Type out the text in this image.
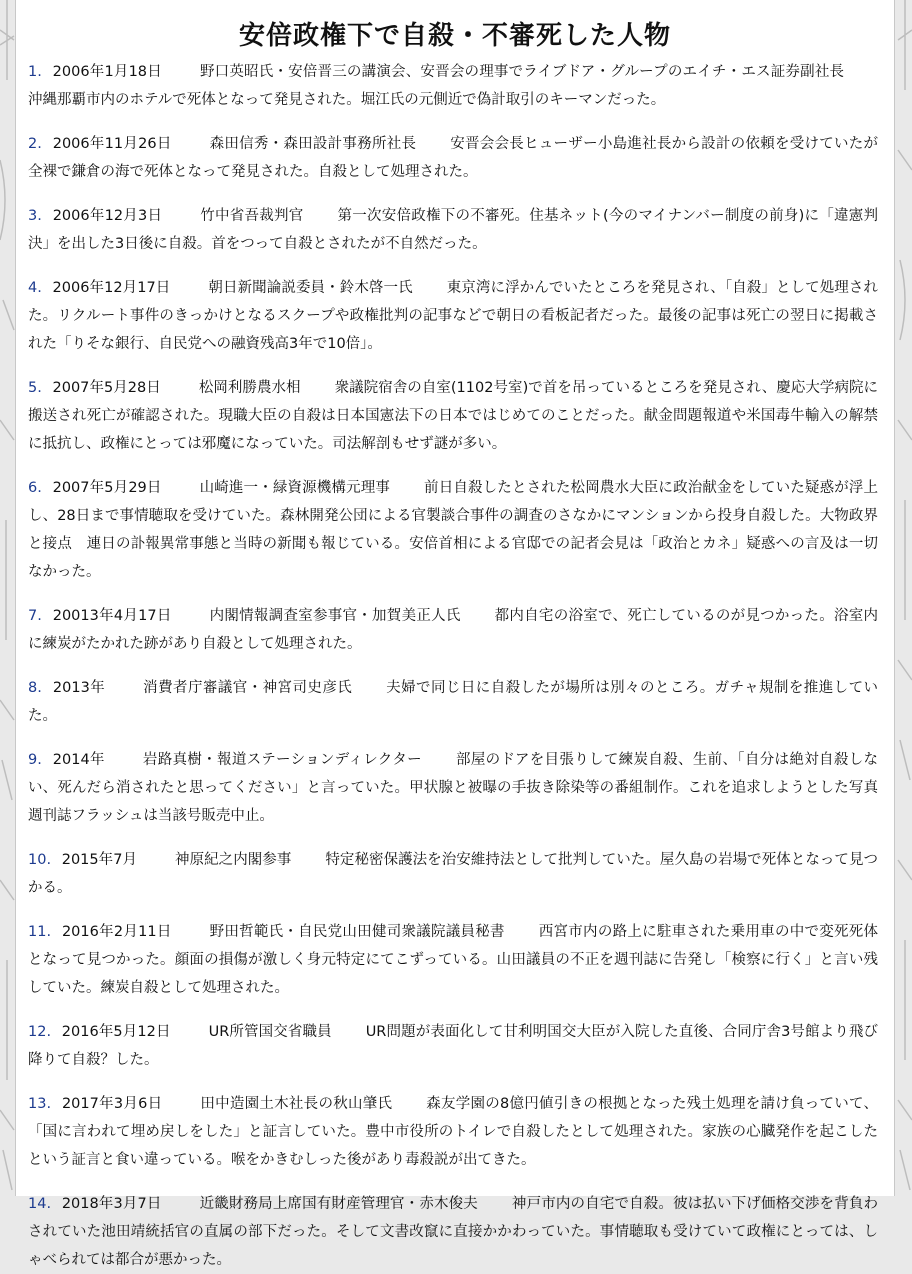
安倍政権下で自殺・不審死した人物
1. 2006年1月18日	野口英昭氏・安倍晋三の講演会、安晋会の理事でライブドア・グループのエイチ・エス証券副社長沖縄那覇市内のホテルで死体となって発見された。堀江氏の元側近で偽計取引のキーマンだった。
2. 2006年11月26日	森田信秀・森田設計事務所社長 安晋会会長ヒューザー小島進社長から設計の依頼を受けていたが全裸で鎌倉の海で死体となって発見された。自殺として処理された。
3. 2006年12月3日	竹中省吾裁判官 第一次安倍政権下の不審死。住基ネット(今のマイナンバー制度の前身)に「違憲判決」を出した3日後に自殺。首をつって自殺とされたが不自然だった。
4. 2006年12月17日	朝日新聞論説委員・鈴木啓一氏 東京湾に浮かんでいたところを発見され、「自殺」として処理された。リクルート事件のきっかけとなるスクープや政権批判の記事などで朝日の看板記者だった。最後の記事は死亡の翌日に掲載された「りそな銀行、自民党への融資残高3年で10倍」。
5. 2007年5月28日	松岡利勝農水相 衆議院宿舎の自室(1102号室)で首を吊っているところを発見され、慶応大学病院に搬送され死亡が確認された。現職大臣の自殺は日本国憲法下の日本ではじめてのことだった。献金問題報道や米国毒牛輸入の解禁に抵抗し、政権にとっては邪魔になっていた。司法解剖もせず謎が多い。
6. 2007年5月29日	山崎進一・緑資源機構元理事 前日自殺したとされた松岡農水大臣に政治献金をしていた疑惑が浮上し、28日まで事情聴取を受けていた。森林開発公団による官製談合事件の調査のさなかにマンションから投身自殺した。大物政界と接点　連日の訃報異常事態と当時の新聞も報じている。安倍首相による官邸での記者会見は「政治とカネ」疑惑への言及は一切なかった。
7. 20013年4月17日	内閣情報調査室参事官・加賀美正人氏 都内自宅の浴室で、死亡しているのが見つかった。浴室内に練炭がたかれた跡があり自殺として処理された。
8. 2013年	消費者庁審議官・神宮司史彦氏 夫婦で同じ日に自殺したが場所は別々のところ。ガチャ規制を推進していた。
9. 2014年	岩路真樹・報道ステーションディレクター 部屋のドアを目張りして練炭自殺、生前、「自分は絶対自殺しない、死んだら消されたと思ってください」と言っていた。甲状腺と被曝の手抜き除染等の番組制作。これを追求しようとした写真週刊誌フラッシュは当該号販売中止。
10. 2015年7月	神原紀之内閣参事 特定秘密保護法を治安維持法として批判していた。屋久島の岩場で死体となって見つかる。
11. 2016年2月11日	野田哲範氏・自民党山田健司衆議院議員秘書 西宮市内の路上に駐車された乗用車の中で変死死体となって見つかった。顔面の損傷が激しく身元特定にてこずっている。山田議員の不正を週刊誌に告発し「検察に行く」と言い残していた。練炭自殺として処理された。
12. 2016年5月12日	UR所管国交省職員 UR問題が表面化して甘利明国交大臣が入院した直後、合同庁舎3号館より飛び降りて自殺？した。
13. 2017年3月6日	田中造園土木社長の秋山肇氏 森友学園の8億円値引きの根拠となった残土処理を請け負っていて、「国に言われて埋め戻しをした」と証言していた。豊中市役所のトイレで自殺したとして処理された。家族の心臓発作を起こしたという証言と食い違っている。喉をかきむしった後があり毒殺説が出てきた。
14. 2018年3月7日	近畿財務局上席国有財産管理官・赤木俊夫 神戸市内の自宅で自殺。彼は払い下げ価格交渉を背負わされていた池田靖統括官の直属の部下だった。そして文書改竄に直接かかわっていた。事情聴取も受けていて政権にとっては、しゃべられては都合が悪かった。
